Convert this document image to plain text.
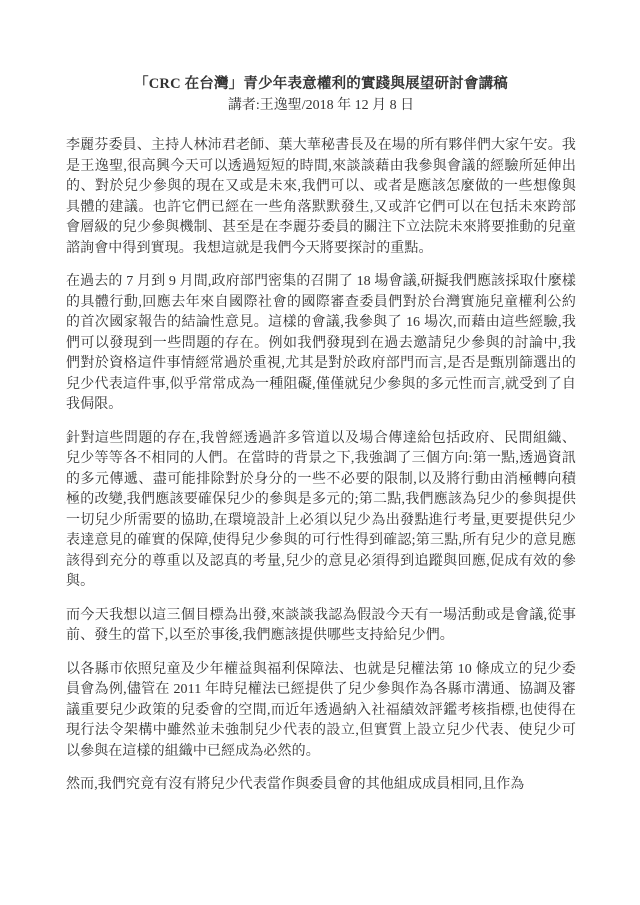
「CRC 在台灣」青少年表意權利的實踐與展望研討會講稿
講者:王逸聖/2018 年 12 月 8 日

李麗芬委員、主持人林沛君老師、葉大華秘書長及在場的所有夥伴們大家午安。我是王逸聖,很高興今天可以透過短短的時間,來談談藉由我參與會議的經驗所延伸出的、對於兒少參與的現在又或是未來,我們可以、或者是應該怎麼做的一些想像與具體的建議。也許它們已經在一些角落默默發生,又或許它們可以在包括未來跨部會層級的兒少參與機制、甚至是在李麗芬委員的關注下立法院未來將要推動的兒童諮詢會中得到實現。我想這就是我們今天將要探討的重點。

在過去的 7 月到 9 月間,政府部門密集的召開了 18 場會議,研擬我們應該採取什麼樣的具體行動,回應去年來自國際社會的國際審查委員們對於台灣實施兒童權利公約的首次國家報告的結論性意見。這樣的會議,我參與了 16 場次,而藉由這些經驗,我們可以發現到一些問題的存在。例如我們發現到在過去邀請兒少參與的討論中,我們對於資格這件事情經常過於重視,尤其是對於政府部門而言,是否是甄別篩選出的兒少代表這件事,似乎常常成為一種阻礙,僅僅就兒少參與的多元性而言,就受到了自我侷限。

針對這些問題的存在,我曾經透過許多管道以及場合傳達給包括政府、民間組織、兒少等等各不相同的人們。在當時的背景之下,我強調了三個方向:第一點,透過資訊的多元傳遞、盡可能排除對於身分的一些不必要的限制,以及將行動由消極轉向積極的改變,我們應該要確保兒少的參與是多元的;第二點,我們應該為兒少的參與提供一切兒少所需要的協助,在環境設計上必須以兒少為出發點進行考量,更要提供兒少表達意見的確實的保障,使得兒少參與的可行性得到確認;第三點,所有兒少的意見應該得到充分的尊重以及認真的考量,兒少的意見必須得到追蹤與回應,促成有效的參與。

而今天我想以這三個目標為出發,來談談我認為假設今天有一場活動或是會議,從事前、發生的當下,以至於事後,我們應該提供哪些支持給兒少們。

以各縣市依照兒童及少年權益與福利保障法、也就是兒權法第 10 條成立的兒少委員會為例,儘管在 2011 年時兒權法已經提供了兒少參與作為各縣市溝通、協調及審議重要兒少政策的兒委會的空間,而近年透過納入社福績效評鑑考核指標,也使得在現行法令架構中雖然並未強制兒少代表的設立,但實質上設立兒少代表、使兒少可以參與在這樣的組織中已經成為必然的。

然而,我們究竟有沒有將兒少代表當作與委員會的其他組成成員相同,且作為
